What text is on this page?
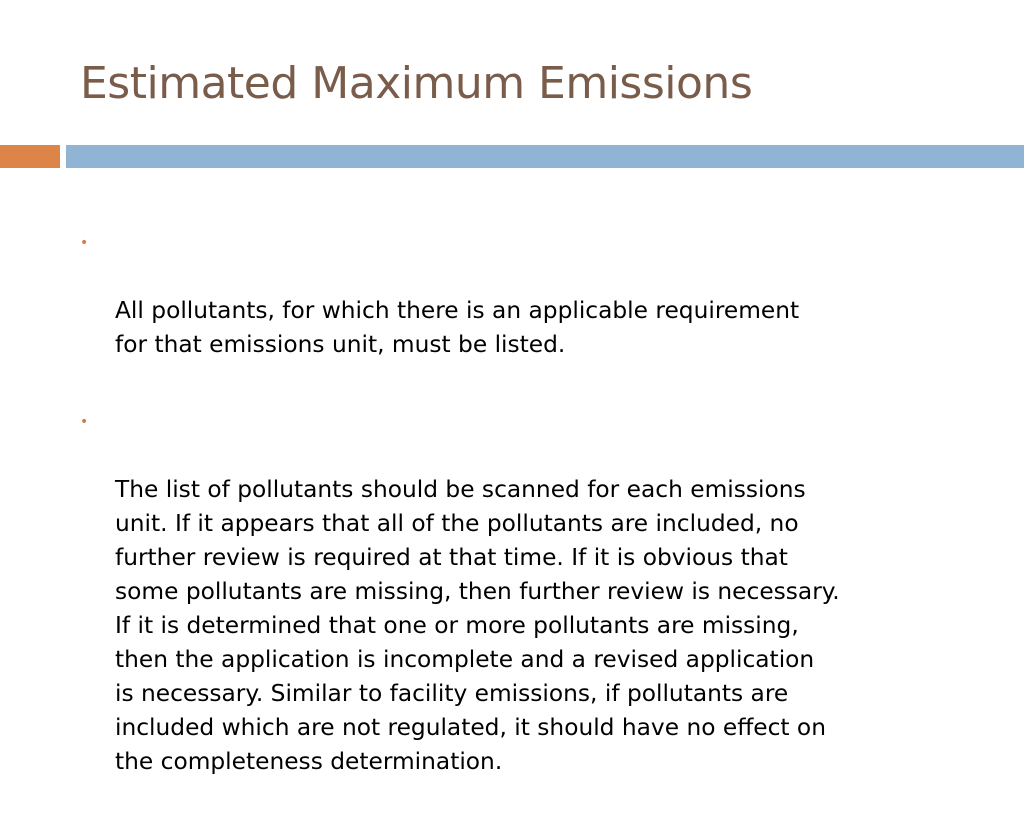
Estimated Maximum Emissions

•

All pollutants, for which there is an applicable requirement
for that emissions unit, must be listed.

•

The list of pollutants should be scanned for each emissions
unit. If it appears that all of the pollutants are included, no
further review is required at that time. If it is obvious that
some pollutants are missing, then further review is necessary.
If it is determined that one or more pollutants are missing,
then the application is incomplete and a revised application
is necessary. Similar to facility emissions, if pollutants are
included which are not regulated, it should have no effect on
the completeness determination.
